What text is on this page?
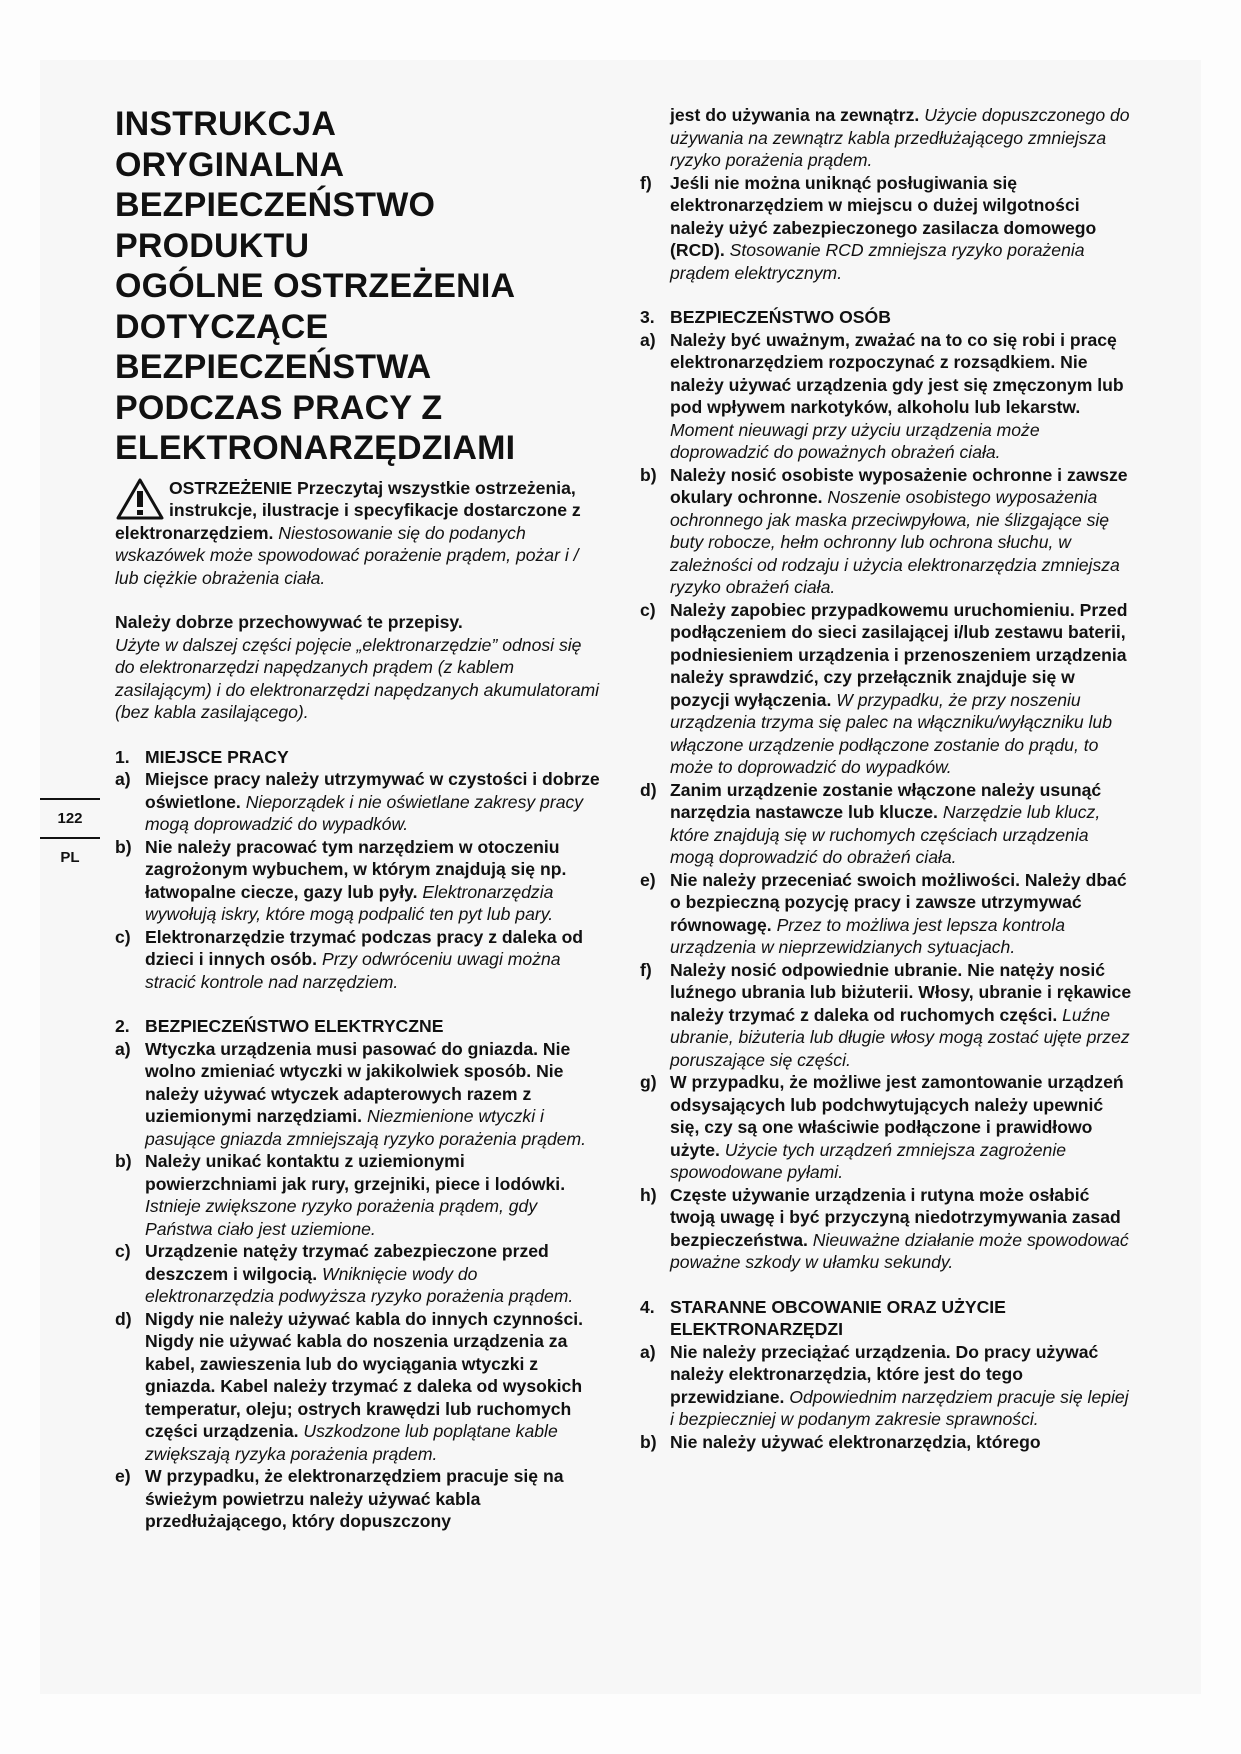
122
PL
INSTRUKCJA
ORYGINALNA
BEZPIECZEŃSTWO
PRODUKTU
OGÓLNE OSTRZEŻENIA
DOTYCZĄCE
BEZPIECZEŃSTWA
PODCZAS PRACY Z
ELEKTRONARZĘDZIAMI
OSTRZEŻENIE Przeczytaj wszystkie ostrzeżenia, instrukcje, ilustracje i specyfikacje dostarczone z elektronarzędziem. Niestosowanie się do podanych wskazówek może spowodować porażenie prądem, pożar i / lub ciężkie obrażenia ciała.
Należy dobrze przechowywać te przepisy.
Użyte w dalszej części pojęcie „elektronarzędzie” odnosi się do elektronarzędzi napędzanych prądem (z kablem zasilającym) i do elektronarzędzi napędzanych akumulatorami (bez kabla zasilającego).
1. MIEJSCE PRACY
a) Miejsce pracy należy utrzymywać w czystości i dobrze oświetlone. Nieporządek i nie oświetlane zakresy pracy mogą doprowadzić do wypadków.
b) Nie należy pracować tym narzędziem w otoczeniu zagrożonym wybuchem, w którym znajdują się np. łatwopalne ciecze, gazy lub pyły. Elektronarzędzia wywołują iskry, które mogą podpalić ten pyt lub pary.
c) Elektronarzędzie trzymać podczas pracy z daleka od dzieci i innych osób. Przy odwróceniu uwagi można stracić kontrole nad narzędziem.
2. BEZPIECZEŃSTWO ELEKTRYCZNE
a) Wtyczka urządzenia musi pasować do gniazda. Nie wolno zmieniać wtyczki w jakikolwiek sposób. Nie należy używać wtyczek adapterowych razem z uziemionymi narzędziami. Niezmienione wtyczki i pasujące gniazda zmniejszają ryzyko porażenia prądem.
b) Należy unikać kontaktu z uziemionymi powierzchniami jak rury, grzejniki, piece i lodówki. Istnieje zwiększone ryzyko porażenia prądem, gdy Państwa ciało jest uziemione.
c) Urządzenie natęży trzymać zabezpieczone przed deszczem i wilgocią. Wniknięcie wody do elektronarzędzia podwyższa ryzyko porażenia prądem.
d) Nigdy nie należy używać kabla do innych czynności. Nigdy nie używać kabla do noszenia urządzenia za kabel, zawieszenia lub do wyciągania wtyczki z gniazda. Kabel należy trzymać z daleka od wysokich temperatur, oleju; ostrych krawędzi lub ruchomych części urządzenia. Uszkodzone lub poplątane kable zwiększają ryzyka porażenia prądem.
e) W przypadku, że elektronarzędziem pracuje się na świeżym powietrzu należy używać kabla przedłużającego, który dopuszczony
jest do używania na zewnątrz. Użycie dopuszczonego do używania na zewnątrz kabla przedłużającego zmniejsza ryzyko porażenia prądem.
f)	Jeśli nie można uniknąć posługiwania się elektronarzędziem w miejscu o dużej wilgotności należy użyć zabezpieczonego zasilacza domowego (RCD). Stosowanie RCD zmniejsza ryzyko porażenia prądem elektrycznym.
3. BEZPIECZEŃSTWO OSÓB
a) Należy być uważnym, zważać na to co się robi i pracę elektronarzędziem rozpoczynać z rozsądkiem. Nie należy używać urządzenia gdy jest się zmęczonym lub pod wpływem narkotyków, alkoholu lub lekarstw. Moment nieuwagi przy użyciu urządzenia może doprowadzić do poważnych obrażeń ciała.
b) Należy nosić osobiste wyposażenie ochronne i zawsze okulary ochronne. Noszenie osobistego wyposażenia ochronnego jak maska przeciwpyłowa, nie ślizgające się buty robocze, hełm ochronny lub ochrona słuchu, w zależności od rodzaju i użycia elektronarzędzia zmniejsza ryzyko obrażeń ciała.
c) Należy zapobiec przypadkowemu uruchomieniu. Przed podłączeniem do sieci zasilającej i/lub zestawu baterii, podniesieniem urządzenia i przenoszeniem urządzenia należy sprawdzić, czy przełącznik znajduje się w pozycji wyłączenia. W przypadku, że przy noszeniu urządzenia trzyma się palec na włączniku/wyłączniku lub włączone urządzenie podłączone zostanie do prądu, to może to doprowadzić do wypadków.
d) Zanim urządzenie zostanie włączone należy usunąć narzędzia nastawcze lub klucze. Narzędzie lub klucz, które znajdują się w ruchomych częściach urządzenia mogą doprowadzić do obrażeń ciała.
e) Nie należy przeceniać swoich możliwości. Należy dbać o bezpieczną pozycję pracy i zawsze utrzymywać równowagę. Przez to możliwa jest lepsza kontrola urządzenia w nieprzewidzianych sytuacjach.
f)	Należy nosić odpowiednie ubranie. Nie natęży nosić luźnego ubrania lub biżuterii. Włosy, ubranie i rękawice należy trzymać z daleka od ruchomych części. Luźne ubranie, biżuteria lub długie włosy mogą zostać ujęte przez poruszające się części.
g) W przypadku, że możliwe jest zamontowanie urządzeń odsysających lub podchwytujących należy upewnić się, czy są one właściwie podłączone i prawidłowo użyte. Użycie tych urządzeń zmniejsza zagrożenie spowodowane pyłami.
h) Częste używanie urządzenia i rutyna może osłabić twoją uwagę i być przyczyną niedotrzymywania zasad bezpieczeństwa. Nieuważne działanie może spowodować poważne szkody w ułamku sekundy.
4. STARANNE OBCOWANIE ORAZ UŻYCIE ELEKTRONARZĘDZI
a) Nie należy przeciążać urządzenia. Do pracy używać należy elektronarzędzia, które jest do tego przewidziane. Odpowiednim narzędziem pracuje się lepiej i bezpieczniej w podanym zakresie sprawności.
b) Nie należy używać elektronarzędzia, którego
